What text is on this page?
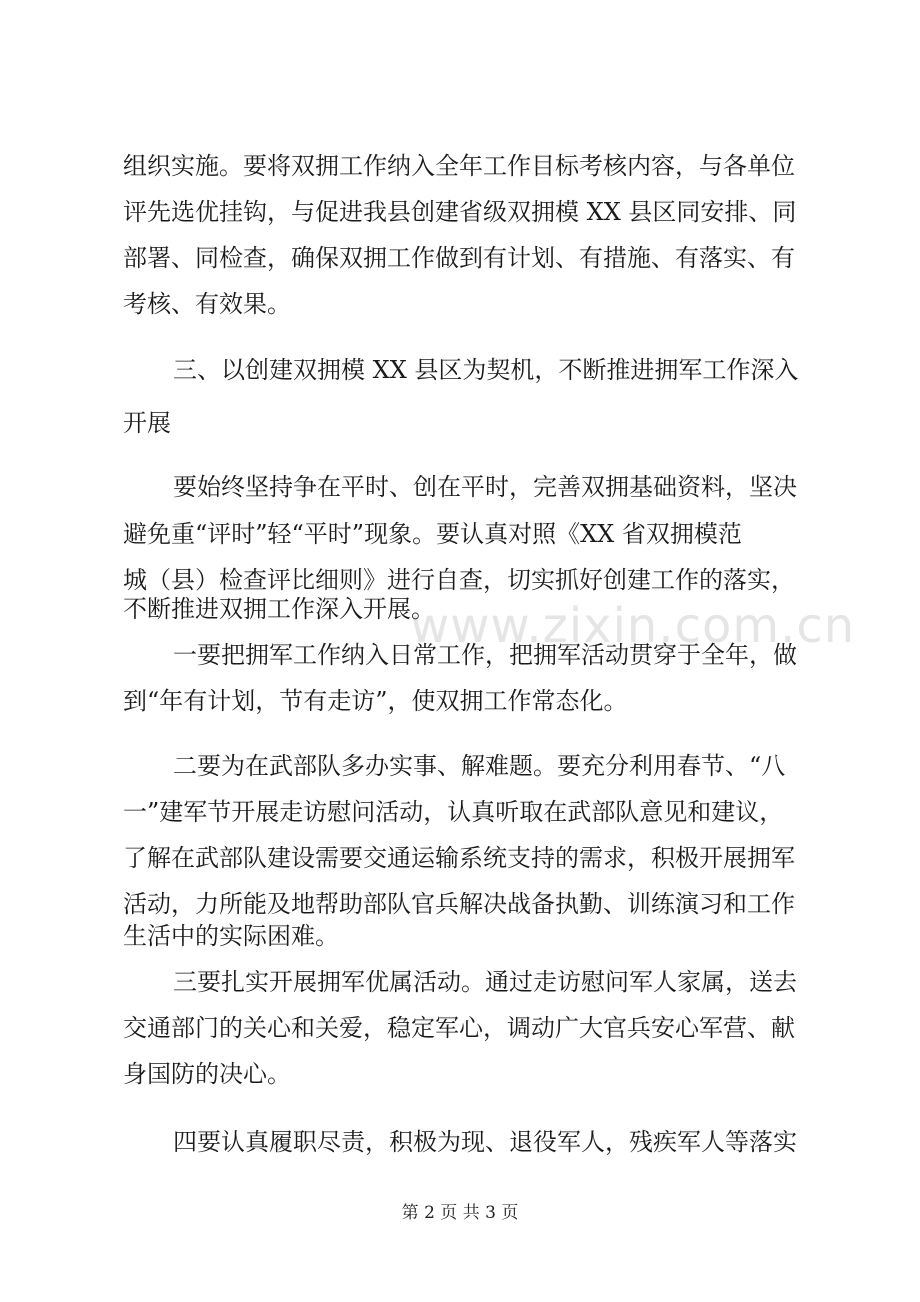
www.zixin.com.cn
组织实施。要将双拥工作纳入全年工作目标考核内容，与各单位
评先选优挂钩，与促进我县创建省级双拥模 XX 县区同安排、同
部署、同检查，确保双拥工作做到有计划、有措施、有落实、有
考核、有效果。
三、以创建双拥模 XX 县区为契机，不断推进拥军工作深入
开展
要始终坚持争在平时、创在平时，完善双拥基础资料，坚决
避免重“评时”轻“平时”现象。要认真对照《XX 省双拥模范
城（县）检查评比细则》进行自查，切实抓好创建工作的落实，
不断推进双拥工作深入开展。
一要把拥军工作纳入日常工作，把拥军活动贯穿于全年，做
到“年有计划，节有走访”，使双拥工作常态化。
二要为在武部队多办实事、解难题。要充分利用春节、“八
一”建军节开展走访慰问活动，认真听取在武部队意见和建议，
了解在武部队建设需要交通运输系统支持的需求，积极开展拥军
活动，力所能及地帮助部队官兵解决战备执勤、训练演习和工作
生活中的实际困难。
三要扎实开展拥军优属活动。通过走访慰问军人家属，送去
交通部门的关心和关爱，稳定军心，调动广大官兵安心军营、献
身国防的决心。
四要认真履职尽责，积极为现、退役军人，残疾军人等落实
第 2 页 共 3 页
